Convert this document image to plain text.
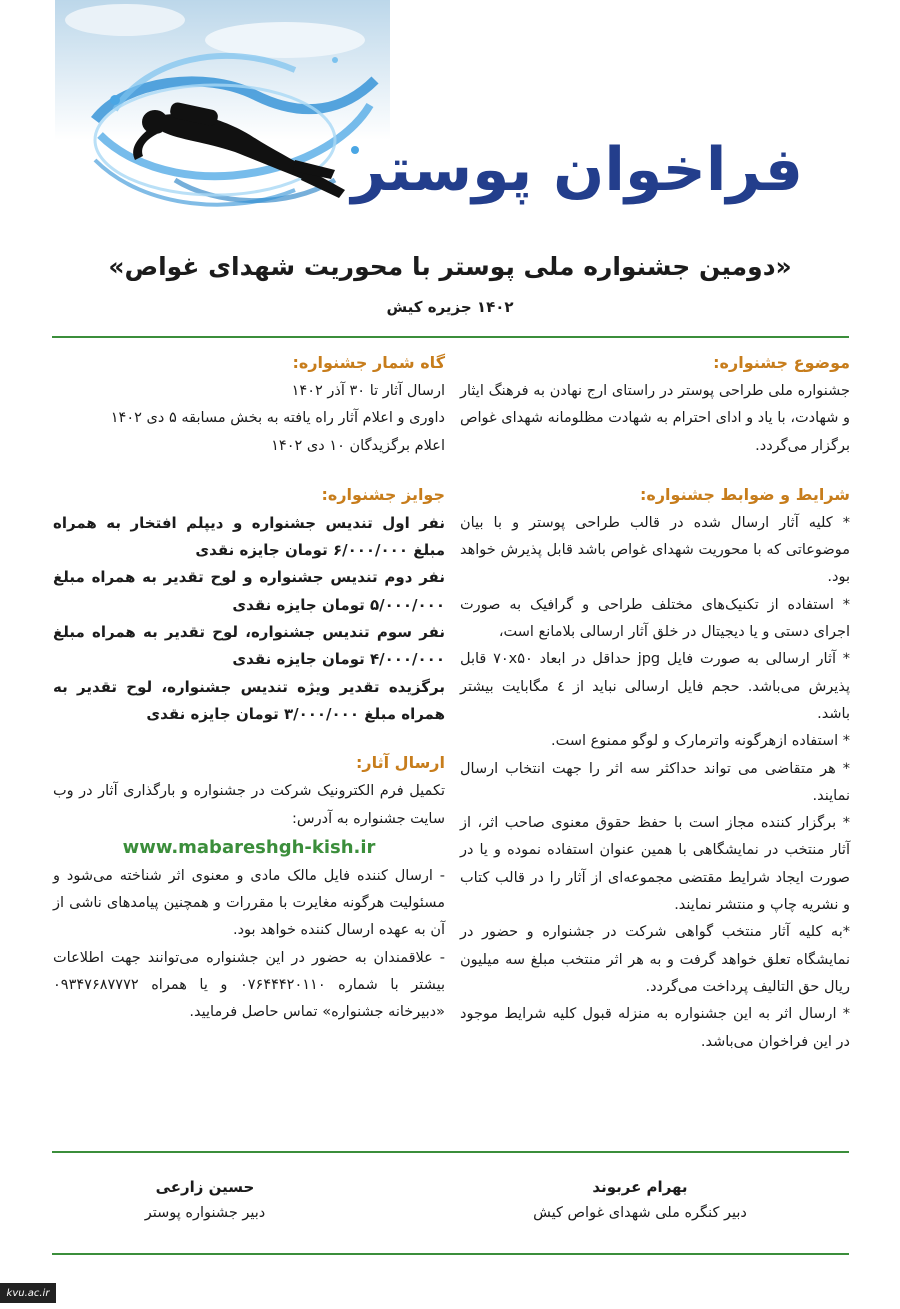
فراخوان پوستر
«دومین جشنواره ملی پوستر با محوریت شهدای غواص»
۱۴۰۲ جزیره کیش
موضوع جشنواره:

جشنواره ملی طراحی پوستر در راستای ارج نهادن به فرهنگ ایثار و شهادت، با یاد و ادای احترام به شهادت مظلومانه شهدای غواص برگزار می‌گردد.

شرایط و ضوابط جشنواره:

* کلیه آثار ارسال شده در قالب طراحی پوستر و با بیان موضوعاتی که با محوریت شهدای غواص باشد قابل پذیرش خواهد بود.

* استفاده از تکنیک‌های مختلف طراحی و گرافیک به صورت اجرای دستی و یا دیجیتال در خلق آثار ارسالی بلامانع است،

* آثار ارسالی به صورت فایل jpg حداقل در ابعاد ۷۰x۵۰ قابل پذیرش می‌باشد. حجم فایل ارسالی نباید از ٤ مگابایت بیشتر باشد.

* استفاده ازهرگونه واترمارک و لوگو ممنوع است.

* هر متقاضی می تواند حداکثر سه اثر را جهت انتخاب ارسال نمایند.

* برگزار کننده مجاز است با حفظ حقوق معنوی صاحب اثر، از آثار منتخب در نمایشگاهی با همین عنوان استفاده نموده و یا در صورت ایجاد شرایط مقتضی مجموعه‌ای از آثار را در قالب کتاب و نشریه چاپ و منتشر نمایند.

*به کلیه آثار منتخب گواهی شرکت در جشنواره و حضور در نمایشگاه تعلق خواهد گرفت و به هر اثر منتخب مبلغ سه میلیون ریال حق التالیف پرداخت می‌گردد.

* ارسال اثر به این جشنواره به منزله قبول کلیه شرایط موجود در این فراخوان می‌باشد.

گاه شمار جشنواره:

ارسال آثار تا ۳۰ آذر ۱۴۰۲

داوری و اعلام آثار راه یافته به بخش مسابقه ۵ دی ۱۴۰۲

اعلام برگزیدگان ۱۰ دی ۱۴۰۲

جوایز جشنواره:

نفر اول تندیس جشنواره و دیپلم افتخار به همراه مبلغ ۶/۰۰۰/۰۰۰ تومان جایزه نقدی

نفر دوم تندیس جشنواره و لوح تقدیر به همراه مبلغ ۵/۰۰۰/۰۰۰ تومان جایزه نقدی

نفر سوم تندیس جشنواره، لوح تقدیر به همراه مبلغ ۴/۰۰۰/۰۰۰ تومان جایزه نقدی

برگزیده تقدیر ویژه تندیس جشنواره، لوح تقدیر به همراه مبلغ ۳/۰۰۰/۰۰۰ تومان جایزه نقدی

ارسال آثار:

تکمیل فرم الکترونیک شرکت در جشنواره و بارگذاری آثار در وب سایت جشنواره به آدرس:

www.mabareshgh-kish.ir

- ارسال کننده فایل مالک مادی و معنوی اثر شناخته می‌شود و مسئولیت هرگونه مغایرت با مقررات و همچنین پیامدهای ناشی از آن به عهده ارسال کننده خواهد بود.

- علاقمندان به حضور در این جشنواره می‌توانند جهت اطلاعات بیشتر با شماره ۰۷۶۴۴۴۲۰۱۱۰ و یا همراه ۰۹۳۴۷۶۸۷۷۷۲ «دبیرخانه جشنواره» تماس حاصل فرمایید.

بهرام عربوند
دبیر کنگره ملی شهدای غواص کیش
حسین زارعی
دبیر جشنواره پوستر
kvu.ac.ir
